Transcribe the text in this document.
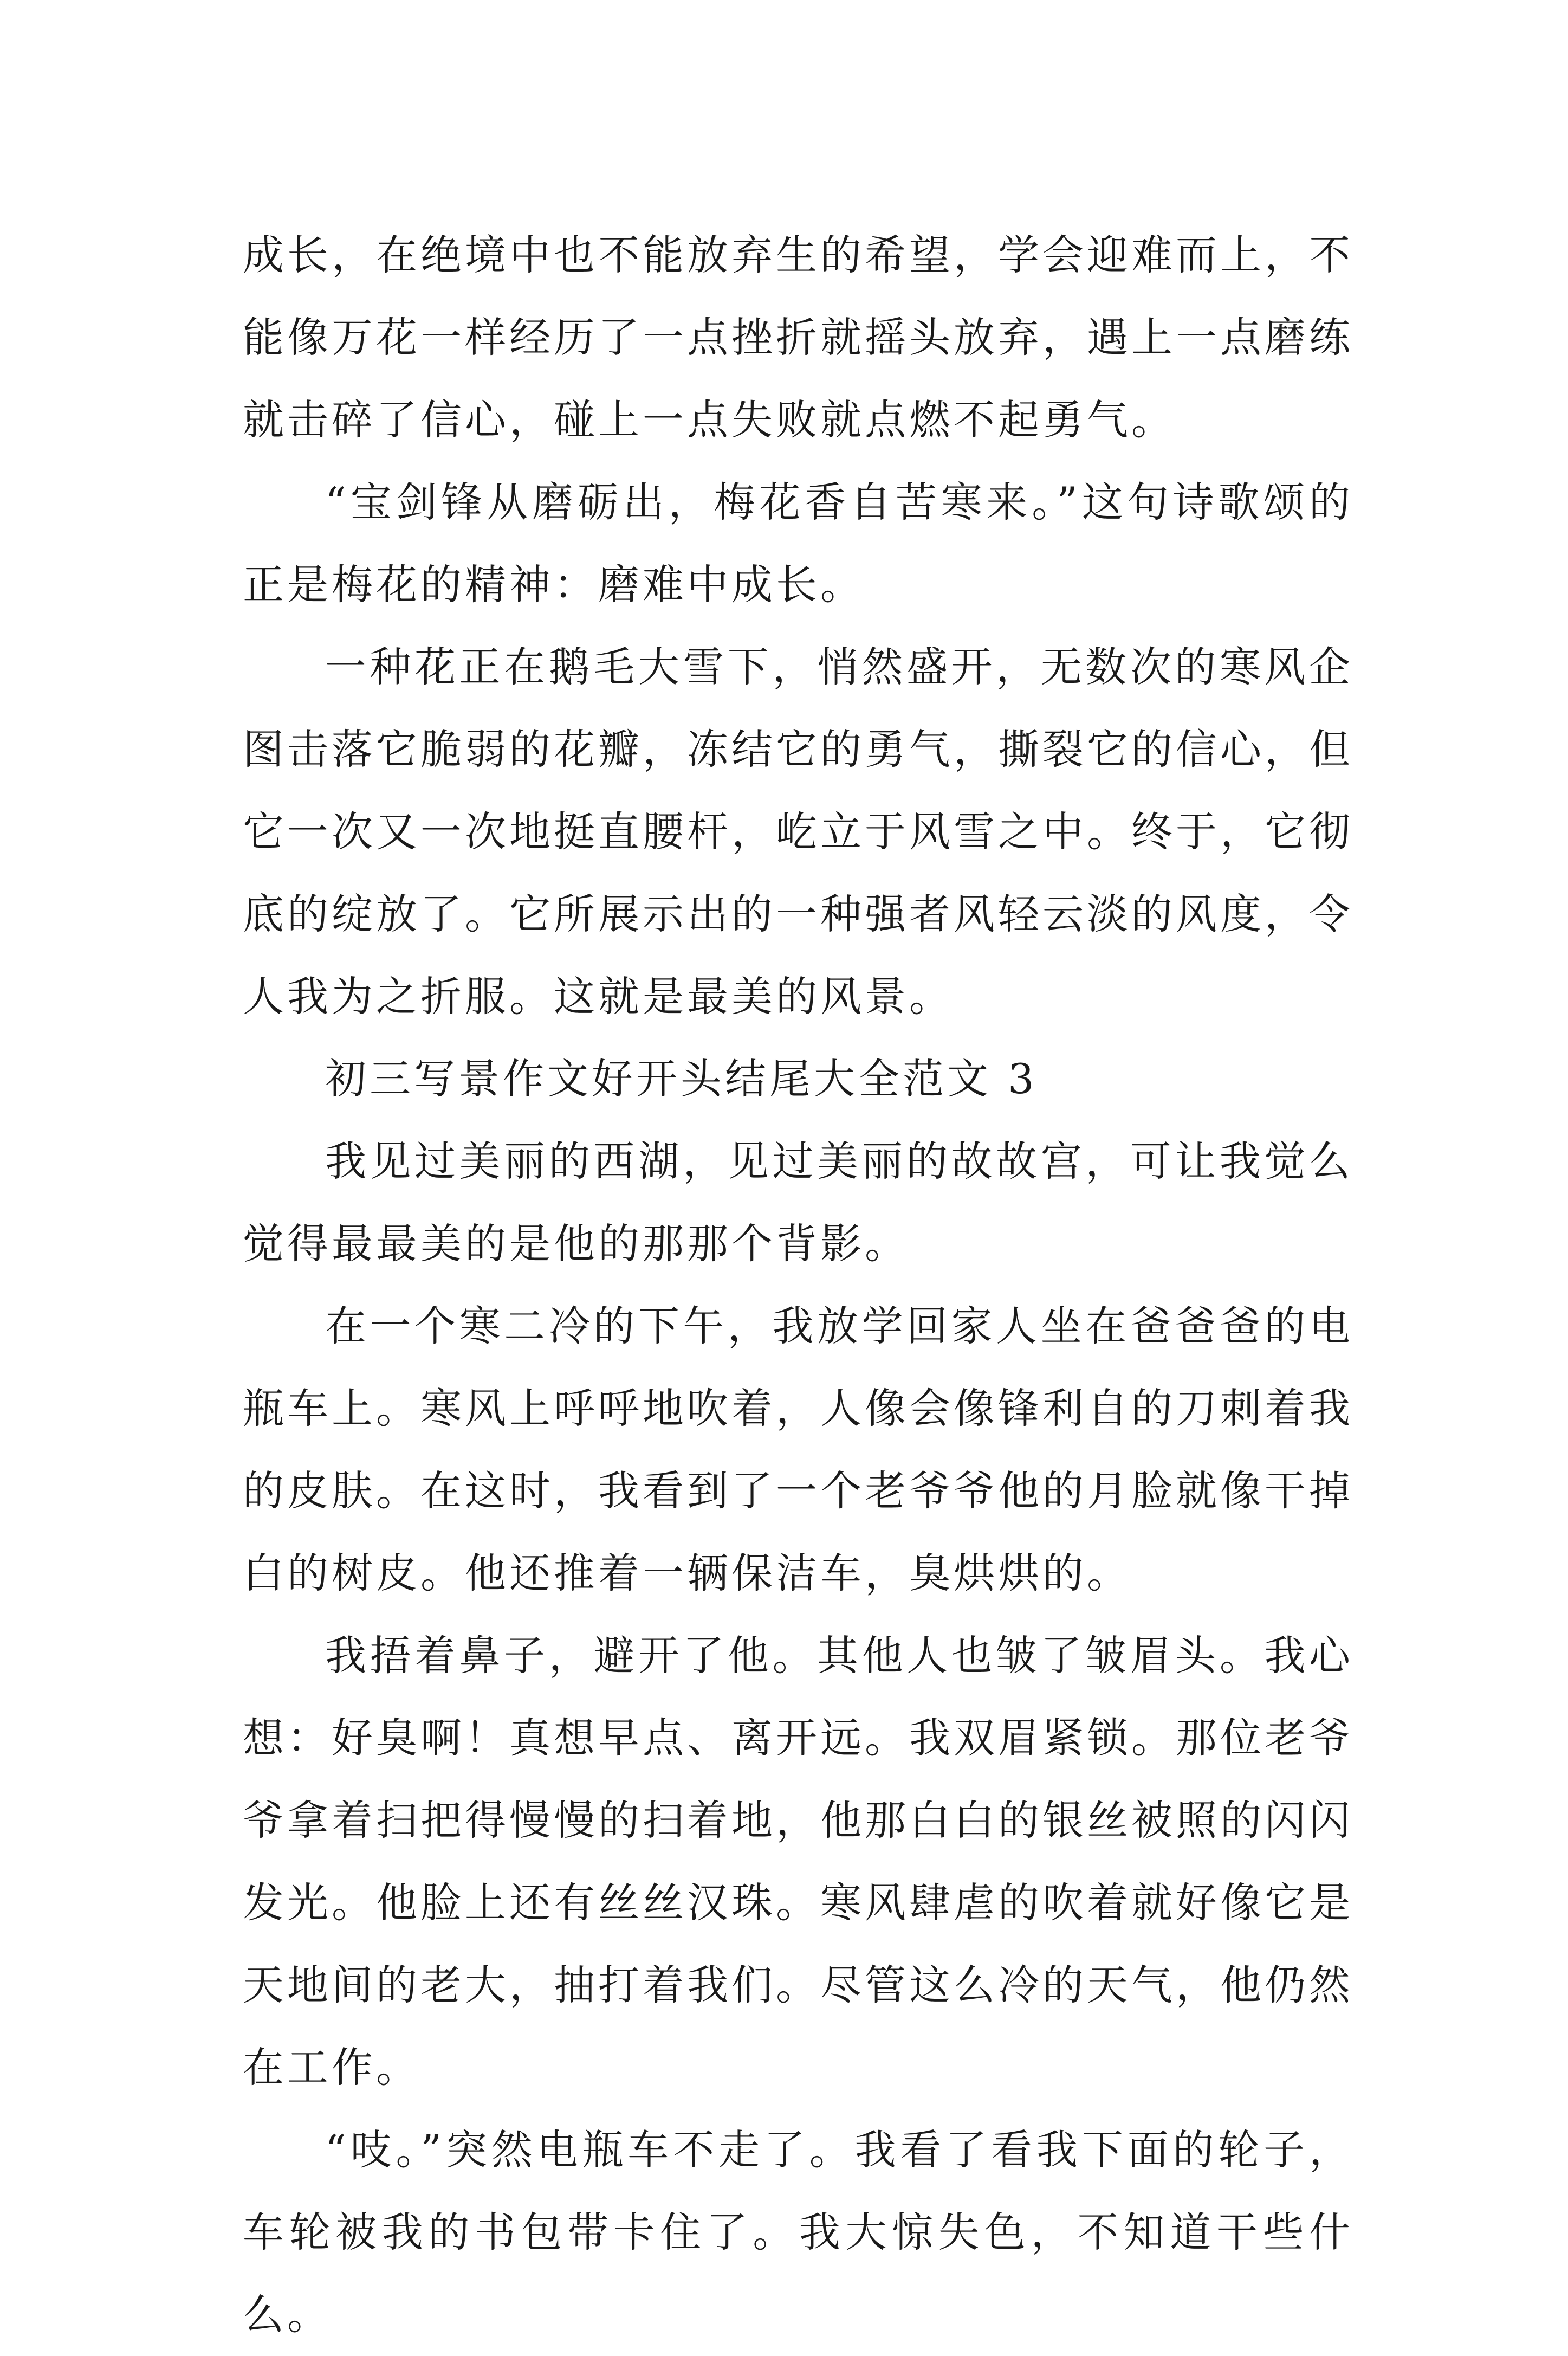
成长，在绝境中也不能放弃生的希望，学会迎难而上，不能像万花一样经历了一点挫折就摇头放弃，遇上一点磨练就击碎了信心，碰上一点失败就点燃不起勇气。

“宝剑锋从磨砺出，梅花香自苦寒来。”这句诗歌颂的正是梅花的精神：磨难中成长。

一种花正在鹅毛大雪下，悄然盛开，无数次的寒风企图击落它脆弱的花瓣，冻结它的勇气，撕裂它的信心，但它一次又一次地挺直腰杆，屹立于风雪之中。终于，它彻底的绽放了。它所展示出的一种强者风轻云淡的风度，令人我为之折服。这就是最美的风景。

初三写景作文好开头结尾大全范文 3

我见过美丽的西湖，见过美丽的故故宫，可让我觉么觉得最最美的是他的那那个背影。

在一个寒二冷的下午，我放学回家人坐在爸爸爸的电瓶车上。寒风上呼呼地吹着，人像会像锋利自的刀刺着我的皮肤。在这时，我看到了一个老爷爷他的月脸就像干掉白的树皮。他还推着一辆保洁车，臭烘烘的。

我捂着鼻子，避开了他。其他人也皱了皱眉头。我心想：好臭啊！真想早点、离开远。我双眉紧锁。那位老爷爷拿着扫把得慢慢的扫着地，他那白白的银丝被照的闪闪发光。他脸上还有丝丝汉珠。寒风肆虐的吹着就好像它是天地间的老大，抽打着我们。尽管这么冷的天气，他仍然在工作。

“吱。”突然电瓶车不走了。我看了看我下面的轮子，车轮被我的书包带卡住了。我大惊失色，不知道干些什么。
